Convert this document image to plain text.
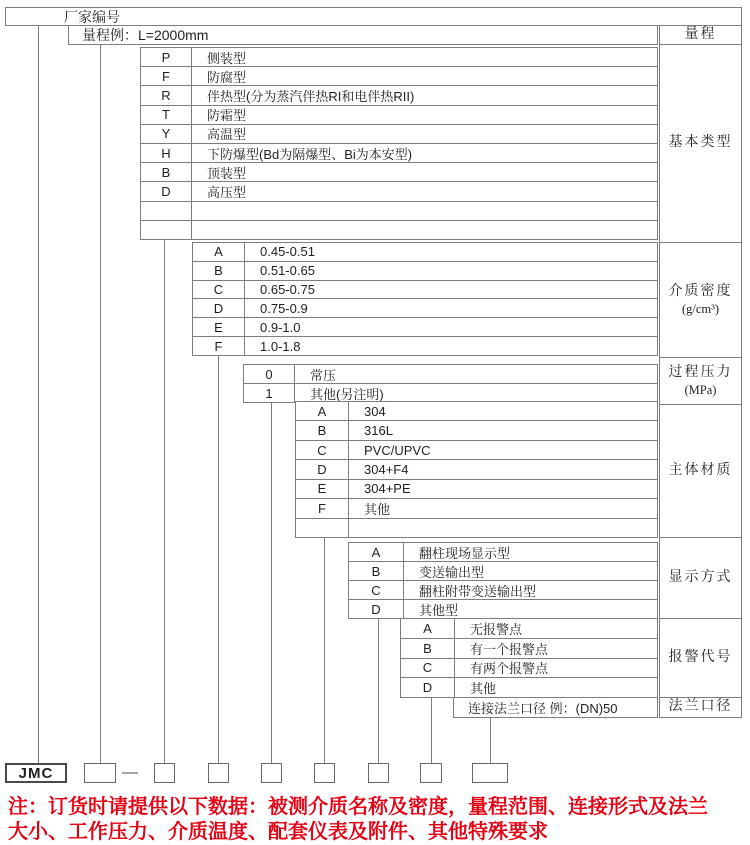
厂家编号
量程例：L=2000mm
连接法兰口径 例：(DN)50
JMC	—
注：订货时请提供以下数据：被测介质名称及密度，量程范围、连接形式及法兰
大小、工作压力、介质温度、配套仪表及附件、其他特殊要求
P	侧装型
F	防腐型
R	伴热型(分为蒸汽伴热RI和电伴热RII)
T	防霜型
Y	高温型
H	下防爆型(Bd为隔爆型、Bi为本安型)
B	顶装型
D	高压型
A	0.45-0.51
B	0.51-0.65
C	0.65-0.75
D	0.75-0.9
E	0.9-1.0
F	1.0-1.8
0	常压
1	其他(另注明)
A	304
B	316L
C	PVC/UPVC
D	304+F4
E	304+PE
F	其他
A	翻柱现场显示型
B	变送输出型
C	翻柱附带变送输出型
D	其他型
A	无报警点
B	有一个报警点
C	有两个报警点
D	其他
量程
基本类型
介质密度
(g/cm³)
过程压力
(MPa)
主体材质
显示方式
报警代号
法兰口径
